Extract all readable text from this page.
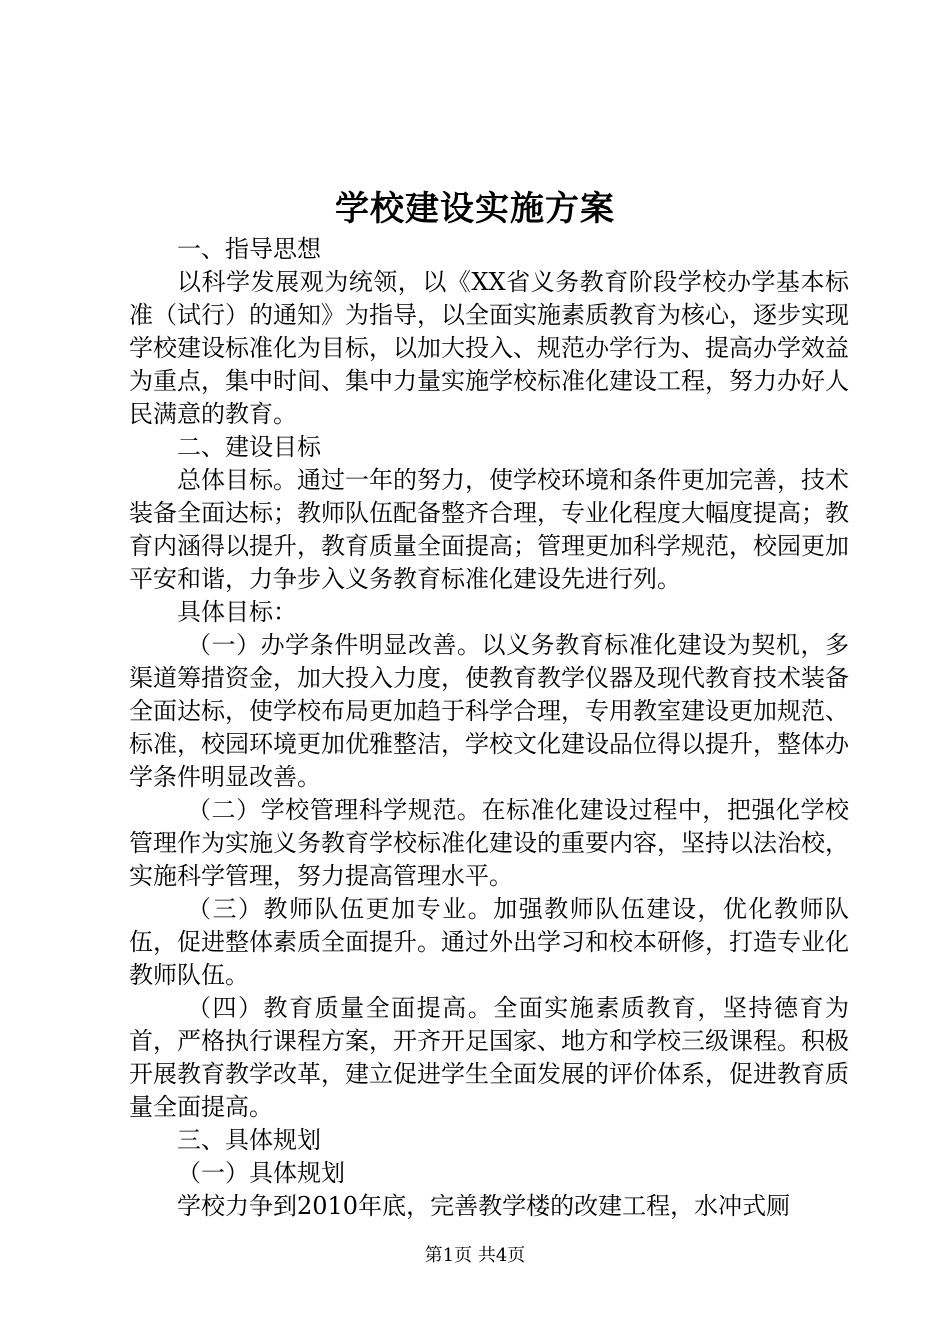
学校建设实施方案

一、指导思想

以科学发展观为统领，以《XX省义务教育阶段学校办学基本标准（试行）的通知》为指导，以全面实施素质教育为核心，逐步实现学校建设标准化为目标，以加大投入、规范办学行为、提高办学效益为重点，集中时间、集中力量实施学校标准化建设工程，努力办好人民满意的教育。

二、建设目标

总体目标。通过一年的努力，使学校环境和条件更加完善，技术装备全面达标；教师队伍配备整齐合理，专业化程度大幅度提高；教育内涵得以提升，教育质量全面提高；管理更加科学规范，校园更加平安和谐，力争步入义务教育标准化建设先进行列。

具体目标：

（一）办学条件明显改善。以义务教育标准化建设为契机，多渠道筹措资金，加大投入力度，使教育教学仪器及现代教育技术装备全面达标，使学校布局更加趋于科学合理，专用教室建设更加规范、标准，校园环境更加优雅整洁，学校文化建设品位得以提升，整体办学条件明显改善。

（二）学校管理科学规范。在标准化建设过程中，把强化学校管理作为实施义务教育学校标准化建设的重要内容，坚持以法治校，实施科学管理，努力提高管理水平。

（三）教师队伍更加专业。加强教师队伍建设，优化教师队伍，促进整体素质全面提升。通过外出学习和校本研修，打造专业化教师队伍。

（四）教育质量全面提高。全面实施素质教育，坚持德育为首，严格执行课程方案，开齐开足国家、地方和学校三级课程。积极开展教育教学改革，建立促进学生全面发展的评价体系，促进教育质量全面提高。

三、具体规划

（一）具体规划

学校力争到2010年底，完善教学楼的改建工程，水冲式厕

第1页 共4页
